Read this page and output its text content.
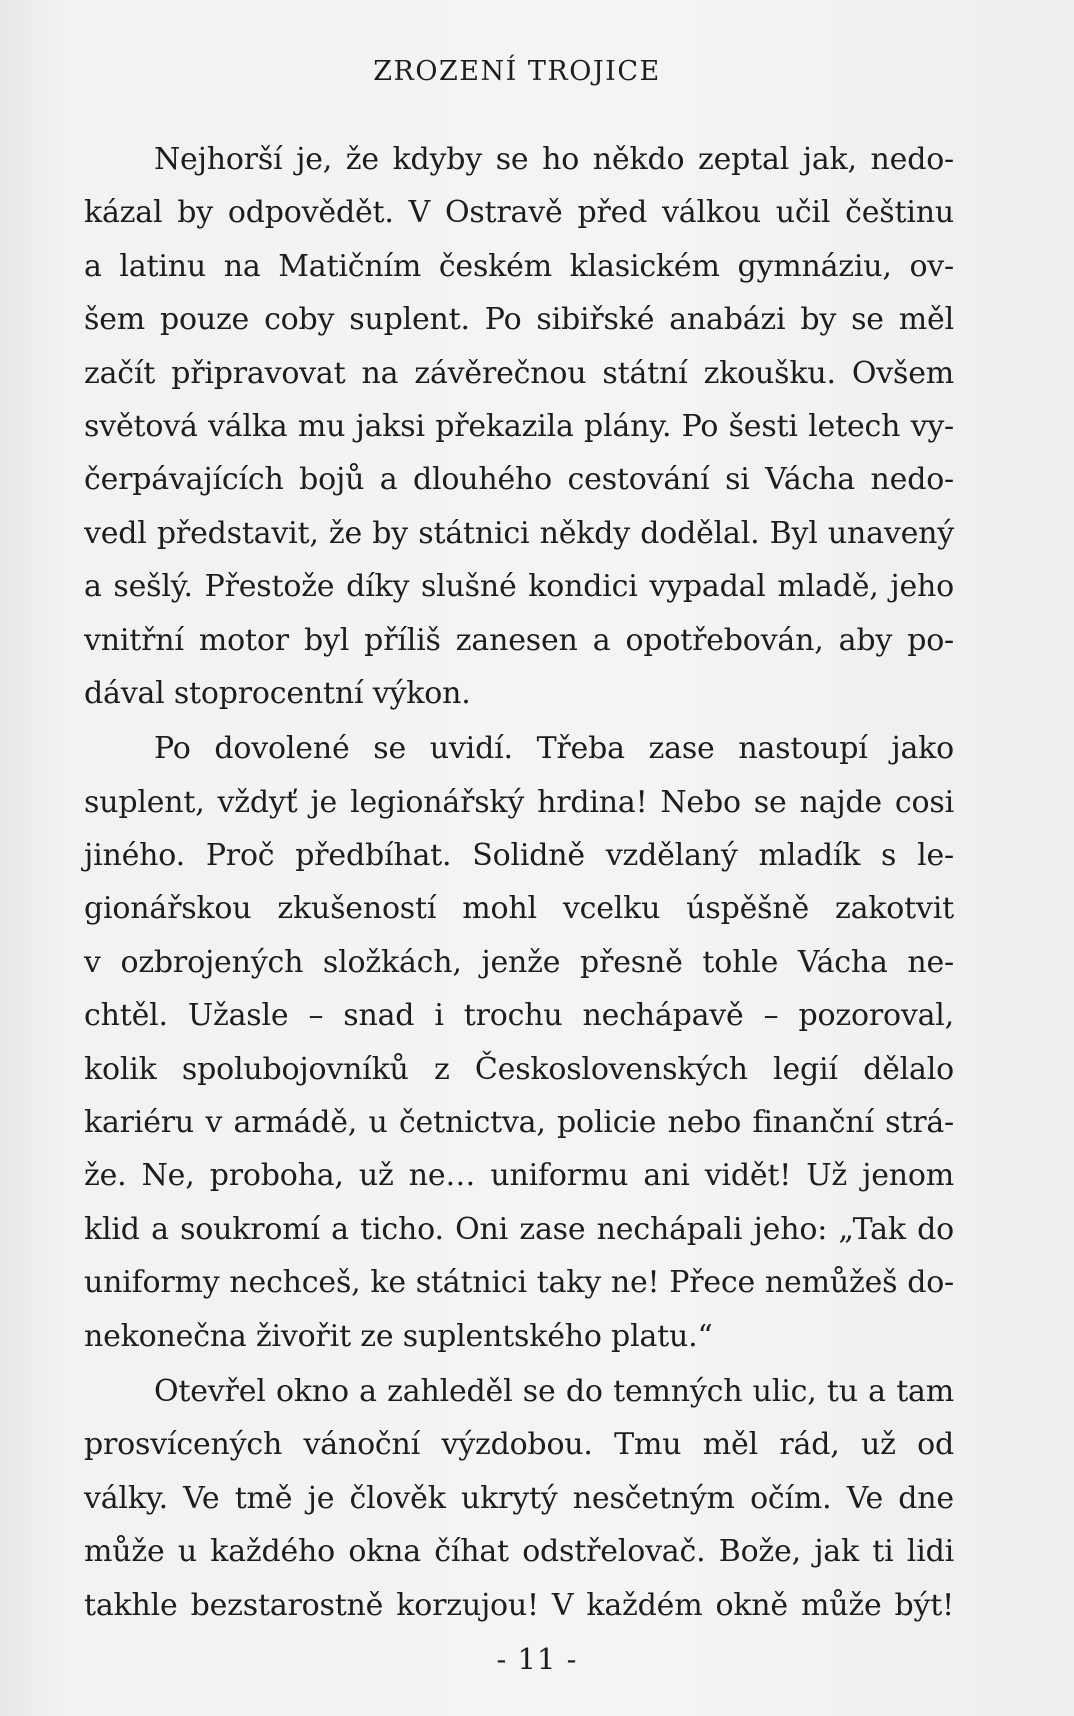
ZROZENÍ TROJICE
Nejhorší je, že kdyby se ho někdo zeptal jak, nedo-
kázal by odpovědět. V Ostravě před válkou učil češtinu
a latinu na Matičním českém klasickém gymnáziu, ov-
šem pouze coby suplent. Po sibiřské anabázi by se měl
začít připravovat na závěrečnou státní zkoušku. Ovšem
světová válka mu jaksi překazila plány. Po šesti letech vy-
čerpávajících bojů a dlouhého cestování si Vácha nedo-
vedl představit, že by státnici někdy dodělal. Byl unavený
a sešlý. Přestože díky slušné kondici vypadal mladě, jeho
vnitřní motor byl příliš zanesen a opotřebován, aby po-
dával stoprocentní výkon.
Po dovolené se uvidí. Třeba zase nastoupí jako
suplent, vždyť je legionářský hrdina! Nebo se najde cosi
jiného. Proč předbíhat. Solidně vzdělaný mladík s le-
gionářskou zkušeností mohl vcelku úspěšně zakotvit
v ozbrojených složkách, jenže přesně tohle Vácha ne-
chtěl. Užasle – snad i trochu nechápavě – pozoroval,
kolik spolubojovníků z Československých legií dělalo
kariéru v armádě, u četnictva, policie nebo finanční strá-
že. Ne, proboha, už ne… uniformu ani vidět! Už jenom
klid a soukromí a ticho. Oni zase nechápali jeho: „Tak do
uniformy nechceš, ke státnici taky ne! Přece nemůžeš do-
nekonečna živořit ze suplentského platu.“
Otevřel okno a zahleděl se do temných ulic, tu a tam
prosvícených vánoční výzdobou. Tmu měl rád, už od
války. Ve tmě je člověk ukrytý nesčetným očím. Ve dne
může u každého okna číhat odstřelovač. Bože, jak ti lidi
takhle bezstarostně korzujou! V každém okně může být!
- 11 -
